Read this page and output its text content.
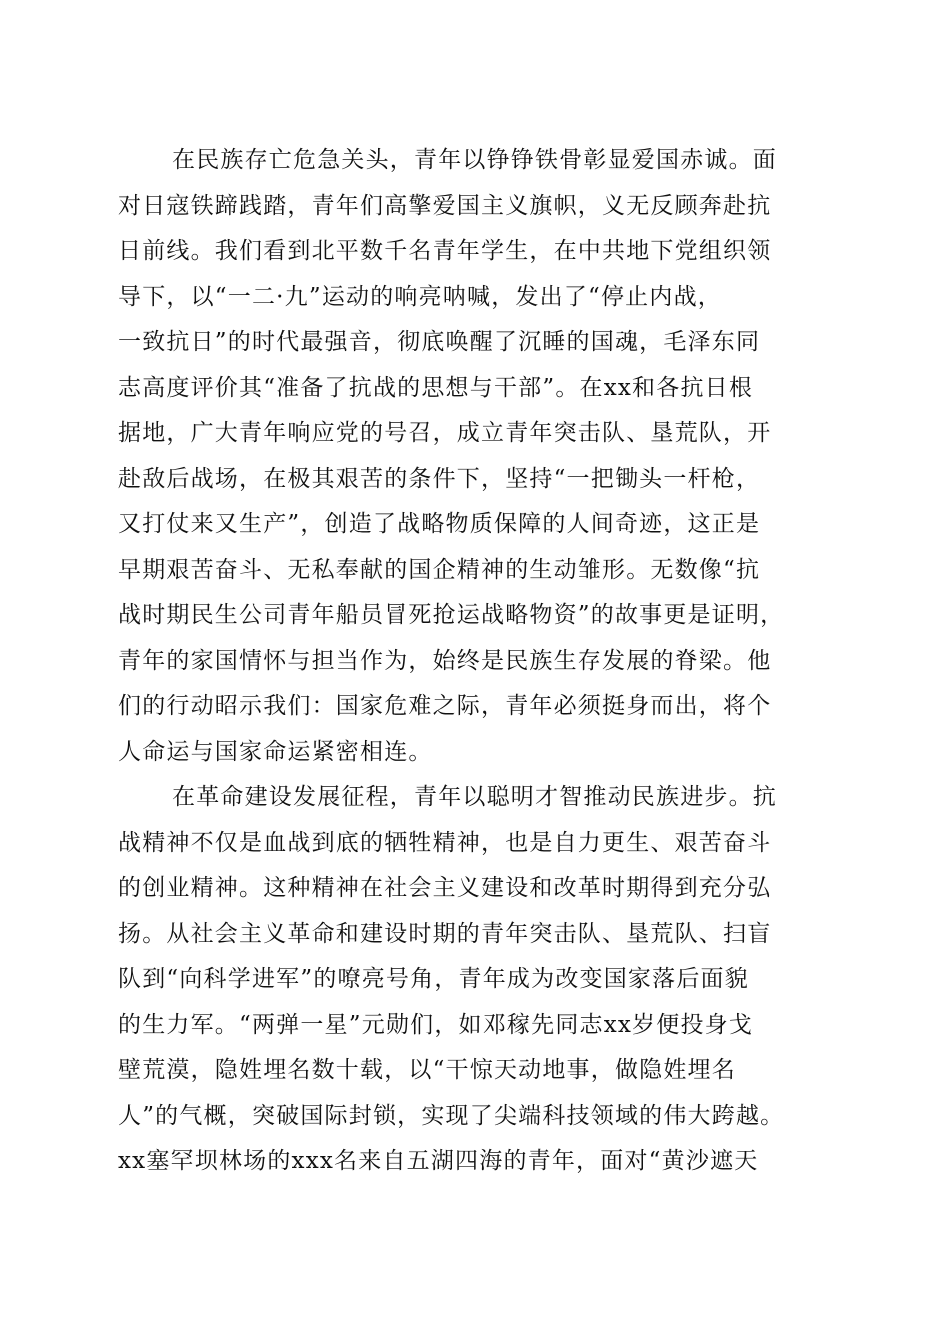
在民族存亡危急关头，青年以铮铮铁骨彰显爱国赤诚。面
对日寇铁蹄践踏，青年们高擎爱国主义旗帜，义无反顾奔赴抗
日前线。我们看到北平数千名青年学生，在中共地下党组织领
导下，以“一二·九”运动的响亮呐喊，发出了“停止内战，
一致抗日”的时代最强音，彻底唤醒了沉睡的国魂，毛泽东同
志高度评价其“准备了抗战的思想与干部”。在xx和各抗日根
据地，广大青年响应党的号召，成立青年突击队、垦荒队，开
赴敌后战场，在极其艰苦的条件下，坚持“一把锄头一杆枪，
又打仗来又生产”，创造了战略物质保障的人间奇迹，这正是
早期艰苦奋斗、无私奉献的国企精神的生动雏形。无数像“抗
战时期民生公司青年船员冒死抢运战略物资”的故事更是证明，
青年的家国情怀与担当作为，始终是民族生存发展的脊梁。他
们的行动昭示我们：国家危难之际，青年必须挺身而出，将个
人命运与国家命运紧密相连。
在革命建设发展征程，青年以聪明才智推动民族进步。抗
战精神不仅是血战到底的牺牲精神，也是自力更生、艰苦奋斗
的创业精神。这种精神在社会主义建设和改革时期得到充分弘
扬。从社会主义革命和建设时期的青年突击队、垦荒队、扫盲
队到“向科学进军”的嘹亮号角，青年成为改变国家落后面貌
的生力军。“两弹一星”元勋们，如邓稼先同志xx岁便投身戈
壁荒漠，隐姓埋名数十载，以“干惊天动地事，做隐姓埋名
人”的气概，突破国际封锁，实现了尖端科技领域的伟大跨越。
xx塞罕坝林场的xxx名来自五湖四海的青年，面对“黄沙遮天
